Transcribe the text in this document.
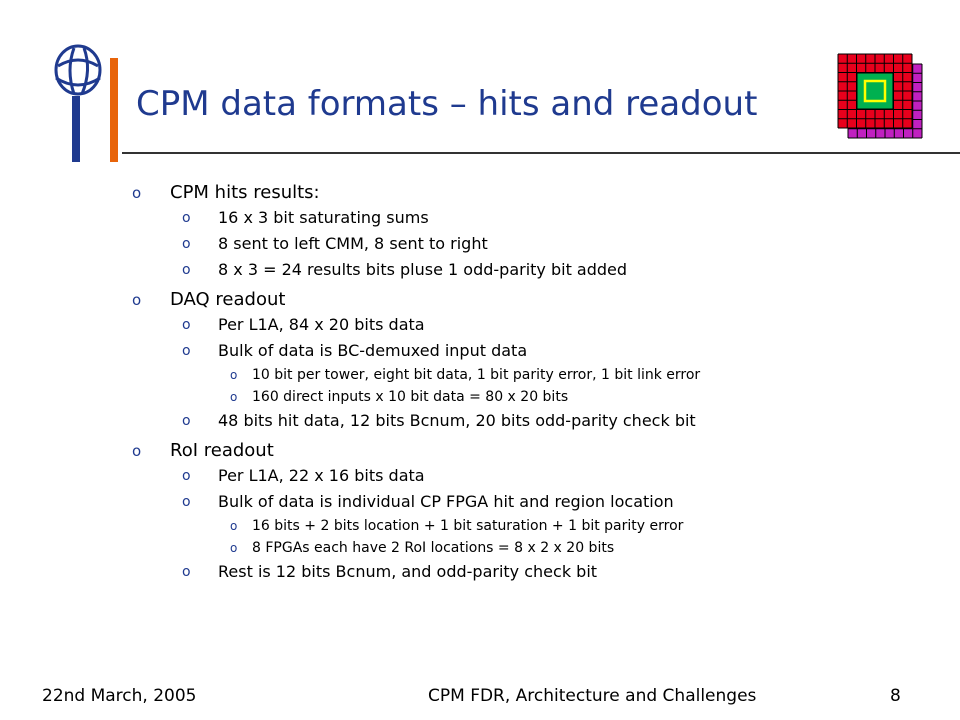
CPM data formats – hits and readout
o CPM hits results:
o 16 x 3 bit saturating sums
o 8 sent to left CMM, 8 sent to right
o 8 x 3 = 24 results bits pluse 1 odd-parity bit added
o DAQ readout
o Per L1A, 84 x 20 bits data
o Bulk of data is BC-demuxed input data
o 10 bit per tower, eight bit data, 1 bit parity error, 1 bit link error
o 160 direct inputs x 10 bit data = 80 x 20 bits
o 48 bits hit data, 12 bits Bcnum, 20 bits odd-parity check bit
o RoI readout
o Per L1A, 22 x 16 bits data
o Bulk of data is individual CP FPGA hit and region location
o 16 bits + 2 bits location + 1 bit saturation + 1 bit parity error
o 8 FPGAs each have 2 RoI locations = 8 x 2 x 20 bits
o Rest is 12 bits Bcnum, and odd-parity check bit
22nd March, 2005	CPM FDR, Architecture and Challenges	8
